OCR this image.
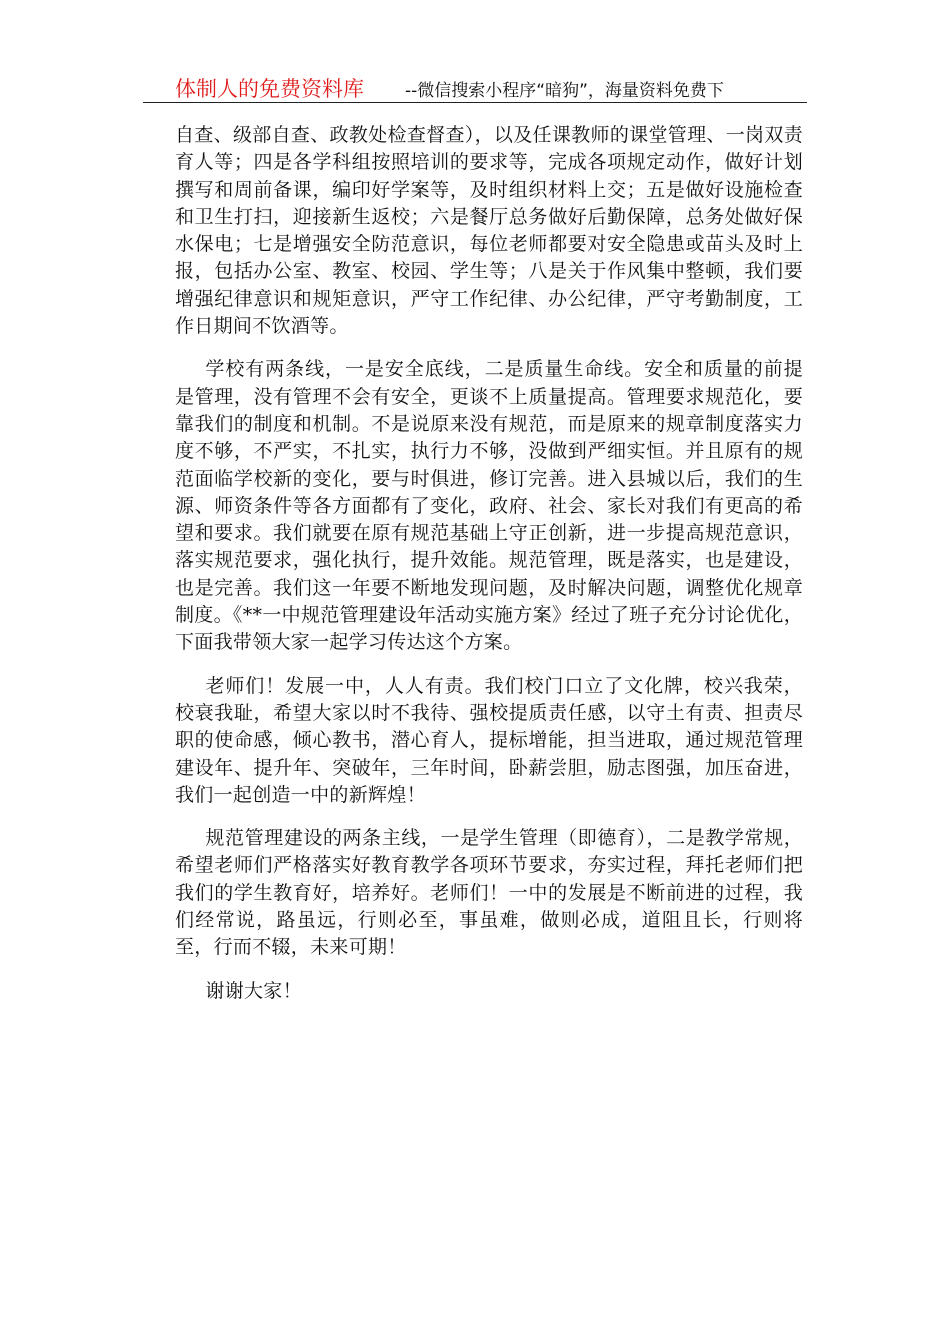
体制人的免费资料库 --微信搜索小程序“暗狗”，海量资料免费下

自查、级部自查、政教处检查督查），以及任课教师的课堂管理、一岗双责育人等；四是各学科组按照培训的要求等，完成各项规定动作，做好计划撰写和周前备课，编印好学案等，及时组织材料上交；五是做好设施检查和卫生打扫，迎接新生返校；六是餐厅总务做好后勤保障，总务处做好保水保电；七是增强安全防范意识，每位老师都要对安全隐患或苗头及时上报，包括办公室、教室、校园、学生等；八是关于作风集中整顿，我们要增强纪律意识和规矩意识，严守工作纪律、办公纪律，严守考勤制度，工作日期间不饮酒等。

学校有两条线，一是安全底线，二是质量生命线。安全和质量的前提是管理，没有管理不会有安全，更谈不上质量提高。管理要求规范化，要靠我们的制度和机制。不是说原来没有规范，而是原来的规章制度落实力度不够，不严实，不扎实，执行力不够，没做到严细实恒。并且原有的规范面临学校新的变化，要与时俱进，修订完善。进入县城以后，我们的生源、师资条件等各方面都有了变化，政府、社会、家长对我们有更高的希望和要求。我们就要在原有规范基础上守正创新，进一步提高规范意识，落实规范要求，强化执行，提升效能。规范管理，既是落实，也是建设，也是完善。我们这一年要不断地发现问题，及时解决问题，调整优化规章制度。《**一中规范管理建设年活动实施方案》经过了班子充分讨论优化，下面我带领大家一起学习传达这个方案。

老师们！发展一中，人人有责。我们校门口立了文化牌，校兴我荣，校衰我耻，希望大家以时不我待、强校提质责任感，以守土有责、担责尽职的使命感，倾心教书，潜心育人，提标增能，担当进取，通过规范管理建设年、提升年、突破年，三年时间，卧薪尝胆，励志图强，加压奋进，我们一起创造一中的新辉煌！

规范管理建设的两条主线，一是学生管理（即德育），二是教学常规，希望老师们严格落实好教育教学各项环节要求，夯实过程，拜托老师们把我们的学生教育好，培养好。老师们！一中的发展是不断前进的过程，我们经常说，路虽远，行则必至，事虽难，做则必成，道阻且长，行则将至，行而不辍，未来可期！

谢谢大家！
